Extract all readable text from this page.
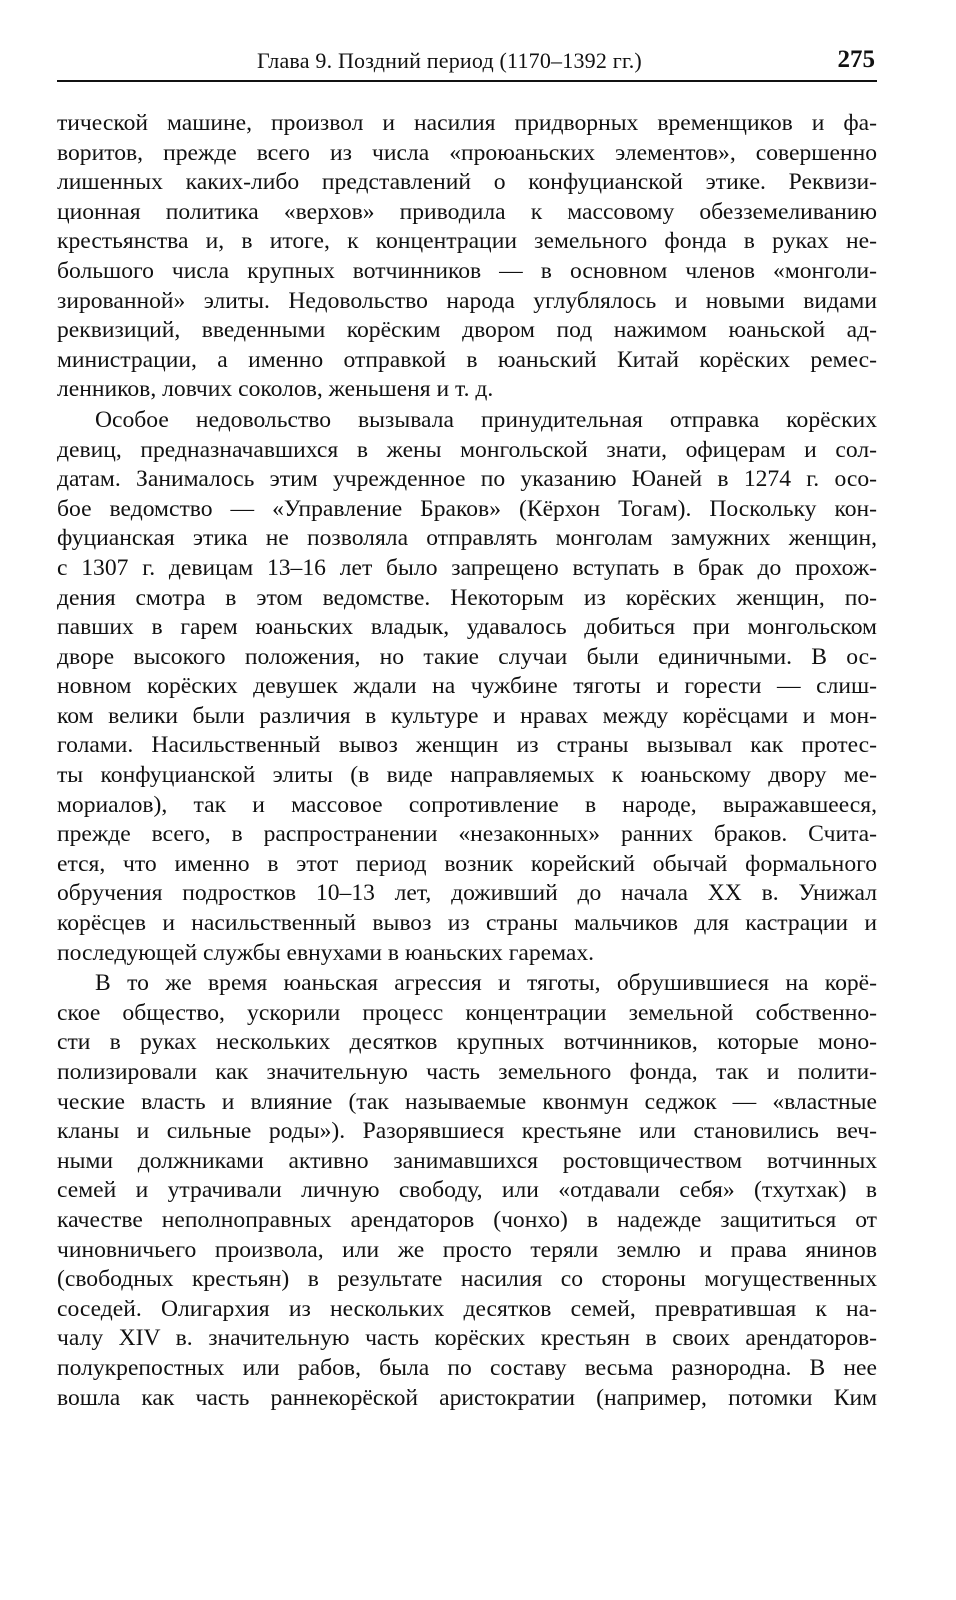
Глава 9. Поздний период (1170–1392 гг.)	275
тической машине, произвол и насилия придворных временщиков и фа-
воритов, прежде всего из числа «проюаньских элементов», совершенно
лишенных каких-либо представлений о конфуцианской этике. Реквизи-
ционная политика «верхов» приводила к массовому обезземеливанию
крестьянства и, в итоге, к концентрации земельного фонда в руках не-
большого числа крупных вотчинников — в основном членов «монголи-
зированной» элиты. Недовольство народа углублялось и новыми видами
реквизиций, введенными корёским двором под нажимом юаньской ад-
министрации, а именно отправкой в юаньский Китай корёских ремес-
ленников, ловчих соколов, женьшеня и т. д.
Особое недовольство вызывала принудительная отправка корёских
девиц, предназначавшихся в жены монгольской знати, офицерам и сол-
датам. Занималось этим учрежденное по указанию Юаней в 1274 г. осо-
бое ведомство — «Управление Браков» (Кёрхон Тогам). Поскольку кон-
фуцианская этика не позволяла отправлять монголам замужних женщин,
с 1307 г. девицам 13–16 лет было запрещено вступать в брак до прохож-
дения смотра в этом ведомстве. Некоторым из корёских женщин, по-
павших в гарем юаньских владык, удавалось добиться при монгольском
дворе высокого положения, но такие случаи были единичными. В ос-
новном корёских девушек ждали на чужбине тяготы и горести — слиш-
ком велики были различия в культуре и нравах между корёсцами и мон-
голами. Насильственный вывоз женщин из страны вызывал как протес-
ты конфуцианской элиты (в виде направляемых к юаньскому двору ме-
мориалов), так и массовое сопротивление в народе, выражавшееся,
прежде всего, в распространении «незаконных» ранних браков. Счита-
ется, что именно в этот период возник корейский обычай формального
обручения подростков 10–13 лет, доживший до начала XX в. Унижал
корёсцев и насильственный вывоз из страны мальчиков для кастрации и
последующей службы евнухами в юаньских гаремах.
В то же время юаньская агрессия и тяготы, обрушившиеся на корё-
ское общество, ускорили процесс концентрации земельной собственно-
сти в руках нескольких десятков крупных вотчинников, которые моно-
полизировали как значительную часть земельного фонда, так и полити-
ческие власть и влияние (так называемые квонмун седжок — «властные
кланы и сильные роды»). Разорявшиеся крестьяне или становились веч-
ными должниками активно занимавшихся ростовщичеством вотчинных
семей и утрачивали личную свободу, или «отдавали себя» (тхутхак) в
качестве неполноправных арендаторов (чонхо) в надежде защититься от
чиновничьего произвола, или же просто теряли землю и права янинов
(свободных крестьян) в результате насилия со стороны могущественных
соседей. Олигархия из нескольких десятков семей, превратившая к на-
чалу XIV в. значительную часть корёских крестьян в своих арендаторов-
полукрепостных или рабов, была по составу весьма разнородна. В нее
вошла как часть раннекорёской аристократии (например, потомки Ким
